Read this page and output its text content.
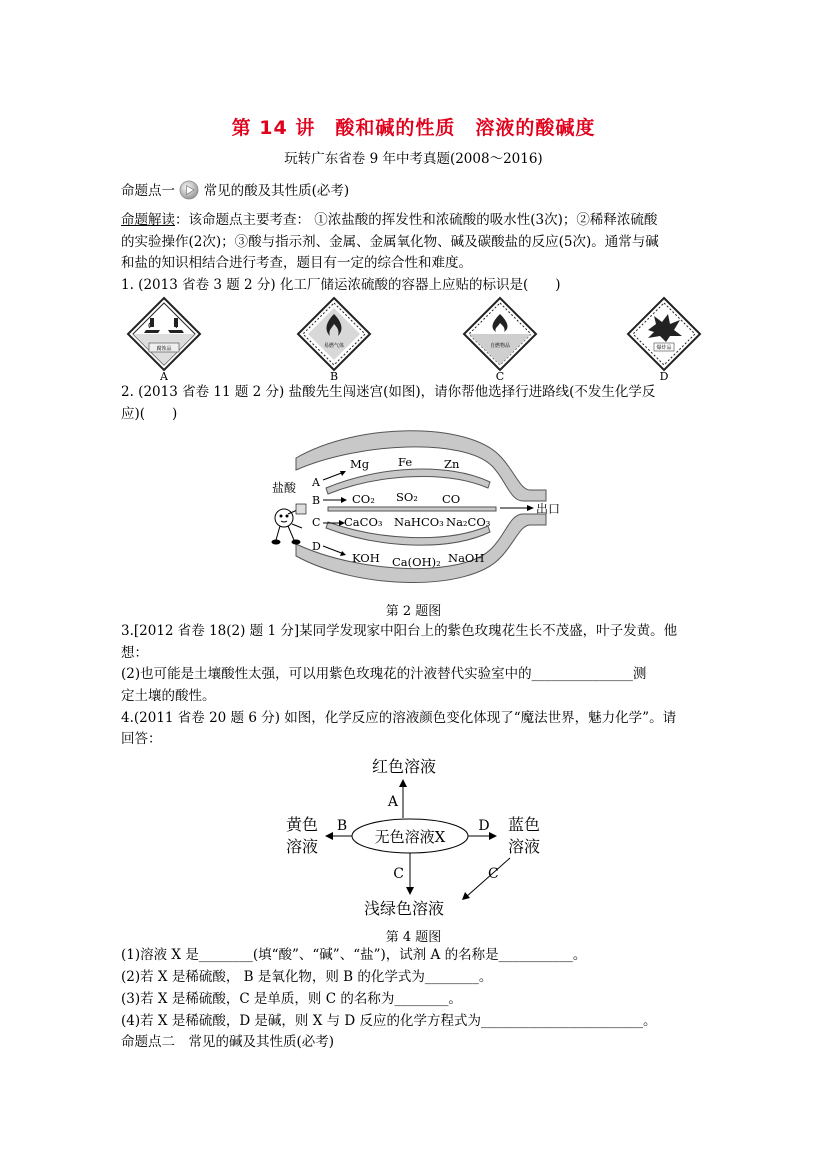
第 14 讲　酸和碱的性质　溶液的酸碱度
玩转广东省卷 9 年中考真题(2008～2016)
命题点一 常见的酸及其性质(必考)
命题解读：该命题点主要考查： ①浓盐酸的挥发性和浓硫酸的吸水性(3次)；②稀释浓硫酸
的实验操作(2次)；③酸与指示剂、金属、金属氧化物、碱及碳酸盐的反应(5次)。通常与碱
和盐的知识相结合进行考查，题目有一定的综合性和难度。
1. (2013 省卷 3 题 2 分) 化工厂储运浓硫酸的容器上应贴的标识是(　　)
腐蚀品
A
易燃气体
B
自燃物品
C
爆炸品
D
2. (2013 省卷 11 题 2 分) 盐酸先生闯迷宫(如图)，请你帮他选择行进路线(不发生化学反
应)(　　)
盐酸 A
B
C
D
Mg	Fe	Zn
CO₂ SO₂ CO
CaCO₃ NaHCO₃ Na₂CO₃
KOH Ca(OH)₂ NaOH
出口
第 2 题图
3.[2012 省卷 18(2) 题 1 分]某同学发现家中阳台上的紫色玫瑰花生长不茂盛，叶子发黄。他
想：
(2)也可能是土壤酸性太强，可以用紫色玫瑰花的汁液替代实验室中的_______________测
定土壤的酸性。
4.(2011 省卷 20 题 6 分) 如图，化学反应的溶液颜色变化体现了“魔法世界，魅力化学”。请
回答：
红色溶液
黄色
溶液
蓝色
溶液
浅绿色溶液
无色溶液X
A
B	D
C	C
第 4 题图
(1)溶液 X 是________(填“酸”、“碱”、“盐”)，试剂 A 的名称是___________。
(2)若 X 是稀硫酸， B 是氧化物，则 B 的化学式为________。
(3)若 X 是稀硫酸，C 是单质，则 C 的名称为________。
(4)若 X 是稀硫酸，D 是碱，则 X 与 D 反应的化学方程式为________________________。
命题点二　常见的碱及其性质(必考)
